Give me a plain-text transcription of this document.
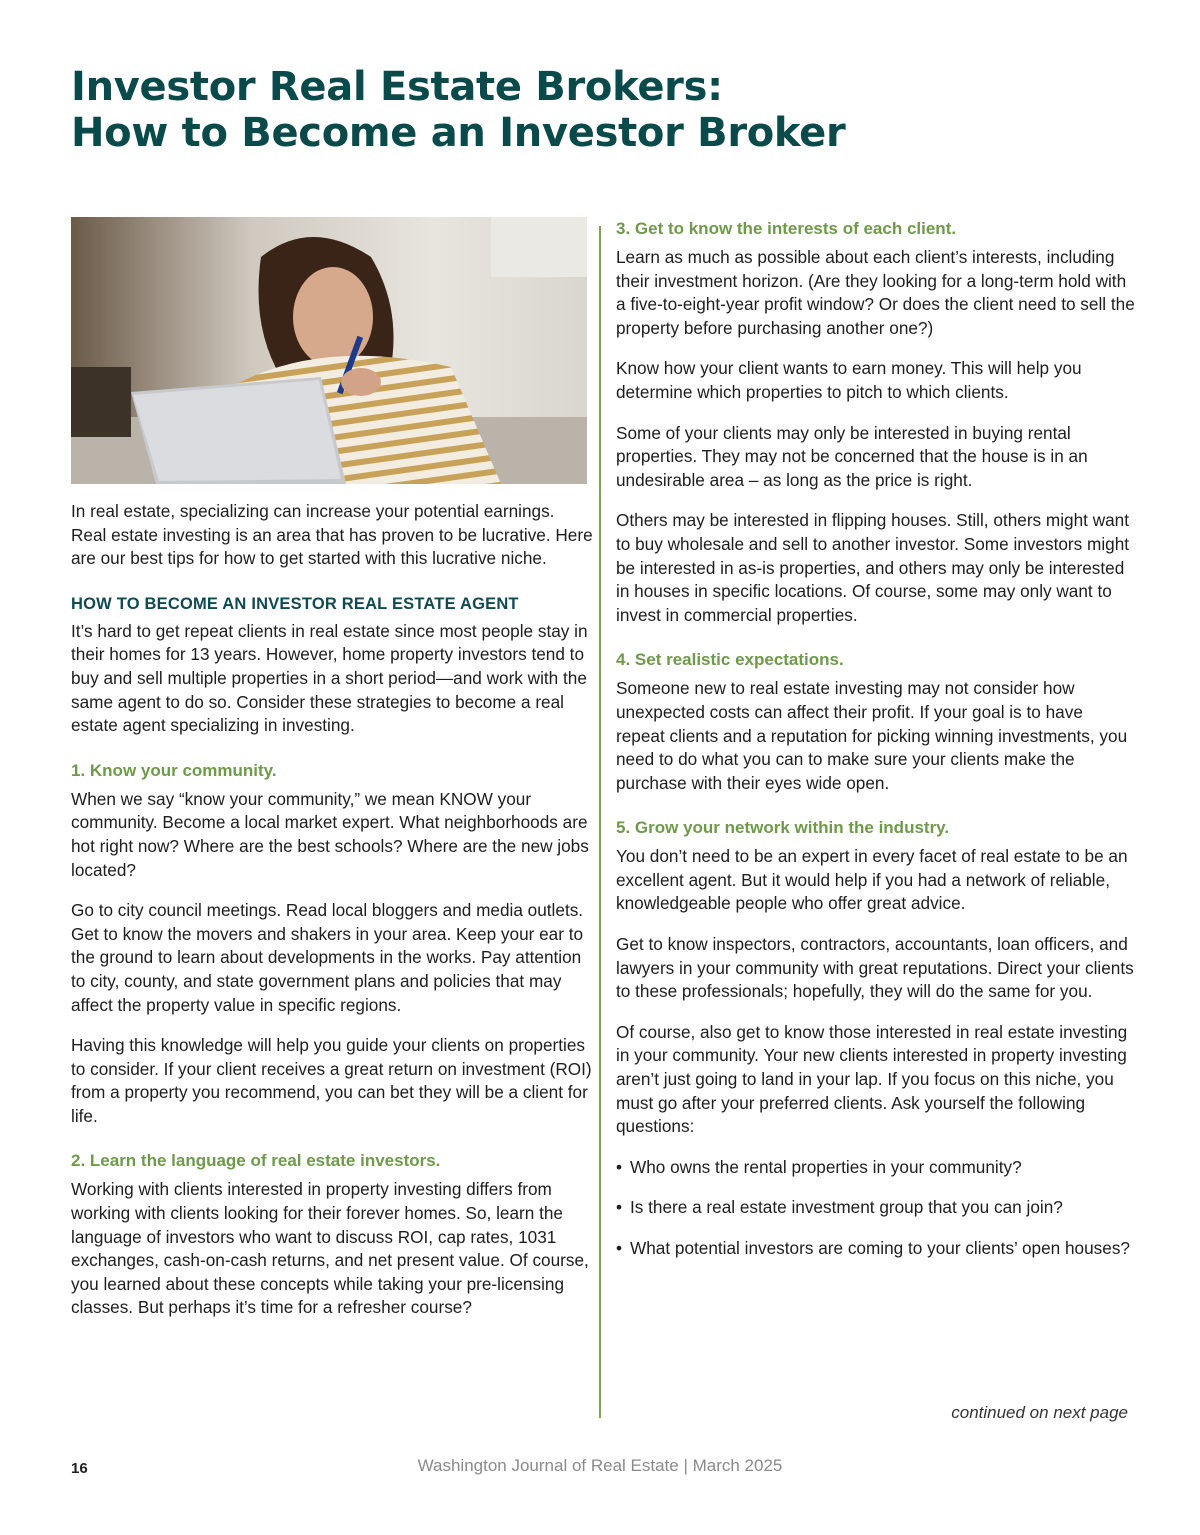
Investor Real Estate Brokers:
How to Become an Investor Broker

In real estate, specializing can increase your potential earnings. Real estate investing is an area that has proven to be lucrative. Here are our best tips for how to get started with this lucrative niche.

HOW TO BECOME AN INVESTOR REAL ESTATE AGENT

It’s hard to get repeat clients in real estate since most people stay in their homes for 13 years. However, home property investors tend to buy and sell multiple properties in a short period—and work with the same agent to do so. Consider these strategies to become a real estate agent specializing in investing.

1. Know your community.

When we say “know your community,” we mean KNOW your community. Become a local market expert. What neighborhoods are hot right now? Where are the best schools? Where are the new jobs located?

Go to city council meetings. Read local bloggers and media outlets. Get to know the movers and shakers in your area. Keep your ear to the ground to learn about developments in the works. Pay attention to city, county, and state government plans and policies that may affect the property value in specific regions.

Having this knowledge will help you guide your clients on properties to consider. If your client receives a great return on investment (ROI) from a property you recommend, you can bet they will be a client for life.

2. Learn the language of real estate investors.

Working with clients interested in property investing differs from working with clients looking for their forever homes. So, learn the language of investors who want to discuss ROI, cap rates, 1031 exchanges, cash-on-cash returns, and net present value. Of course, you learned about these concepts while taking your pre-licensing classes. But perhaps it’s time for a refresher course?

3. Get to know the interests of each client.

Learn as much as possible about each client’s interests, including their investment horizon. (Are they looking for a long-term hold with a five-to-eight-year profit window? Or does the client need to sell the property before purchasing another one?)

Know how your client wants to earn money. This will help you determine which properties to pitch to which clients.

Some of your clients may only be interested in buying rental properties. They may not be concerned that the house is in an undesirable area – as long as the price is right.

Others may be interested in flipping houses. Still, others might want to buy wholesale and sell to another investor. Some investors might be interested in as-is properties, and others may only be interested in houses in specific locations. Of course, some may only want to invest in commercial properties.

4. Set realistic expectations.

Someone new to real estate investing may not consider how unexpected costs can affect their profit. If your goal is to have repeat clients and a reputation for picking winning investments, you need to do what you can to make sure your clients make the purchase with their eyes wide open.

5. Grow your network within the industry.

You don’t need to be an expert in every facet of real estate to be an excellent agent. But it would help if you had a network of reliable, knowledgeable people who offer great advice.

Get to know inspectors, contractors, accountants, loan officers, and lawyers in your community with great reputations. Direct your clients to these professionals; hopefully, they will do the same for you.

Of course, also get to know those interested in real estate investing in your community. Your new clients interested in property investing aren’t just going to land in your lap. If you focus on this niche, you must go after your preferred clients. Ask yourself the following questions:

• Who owns the rental properties in your community?
• Is there a real estate investment group that you can join?
• What potential investors are coming to your clients’ open houses?
continued on next page
16	Washington Journal of Real Estate | March 2025
